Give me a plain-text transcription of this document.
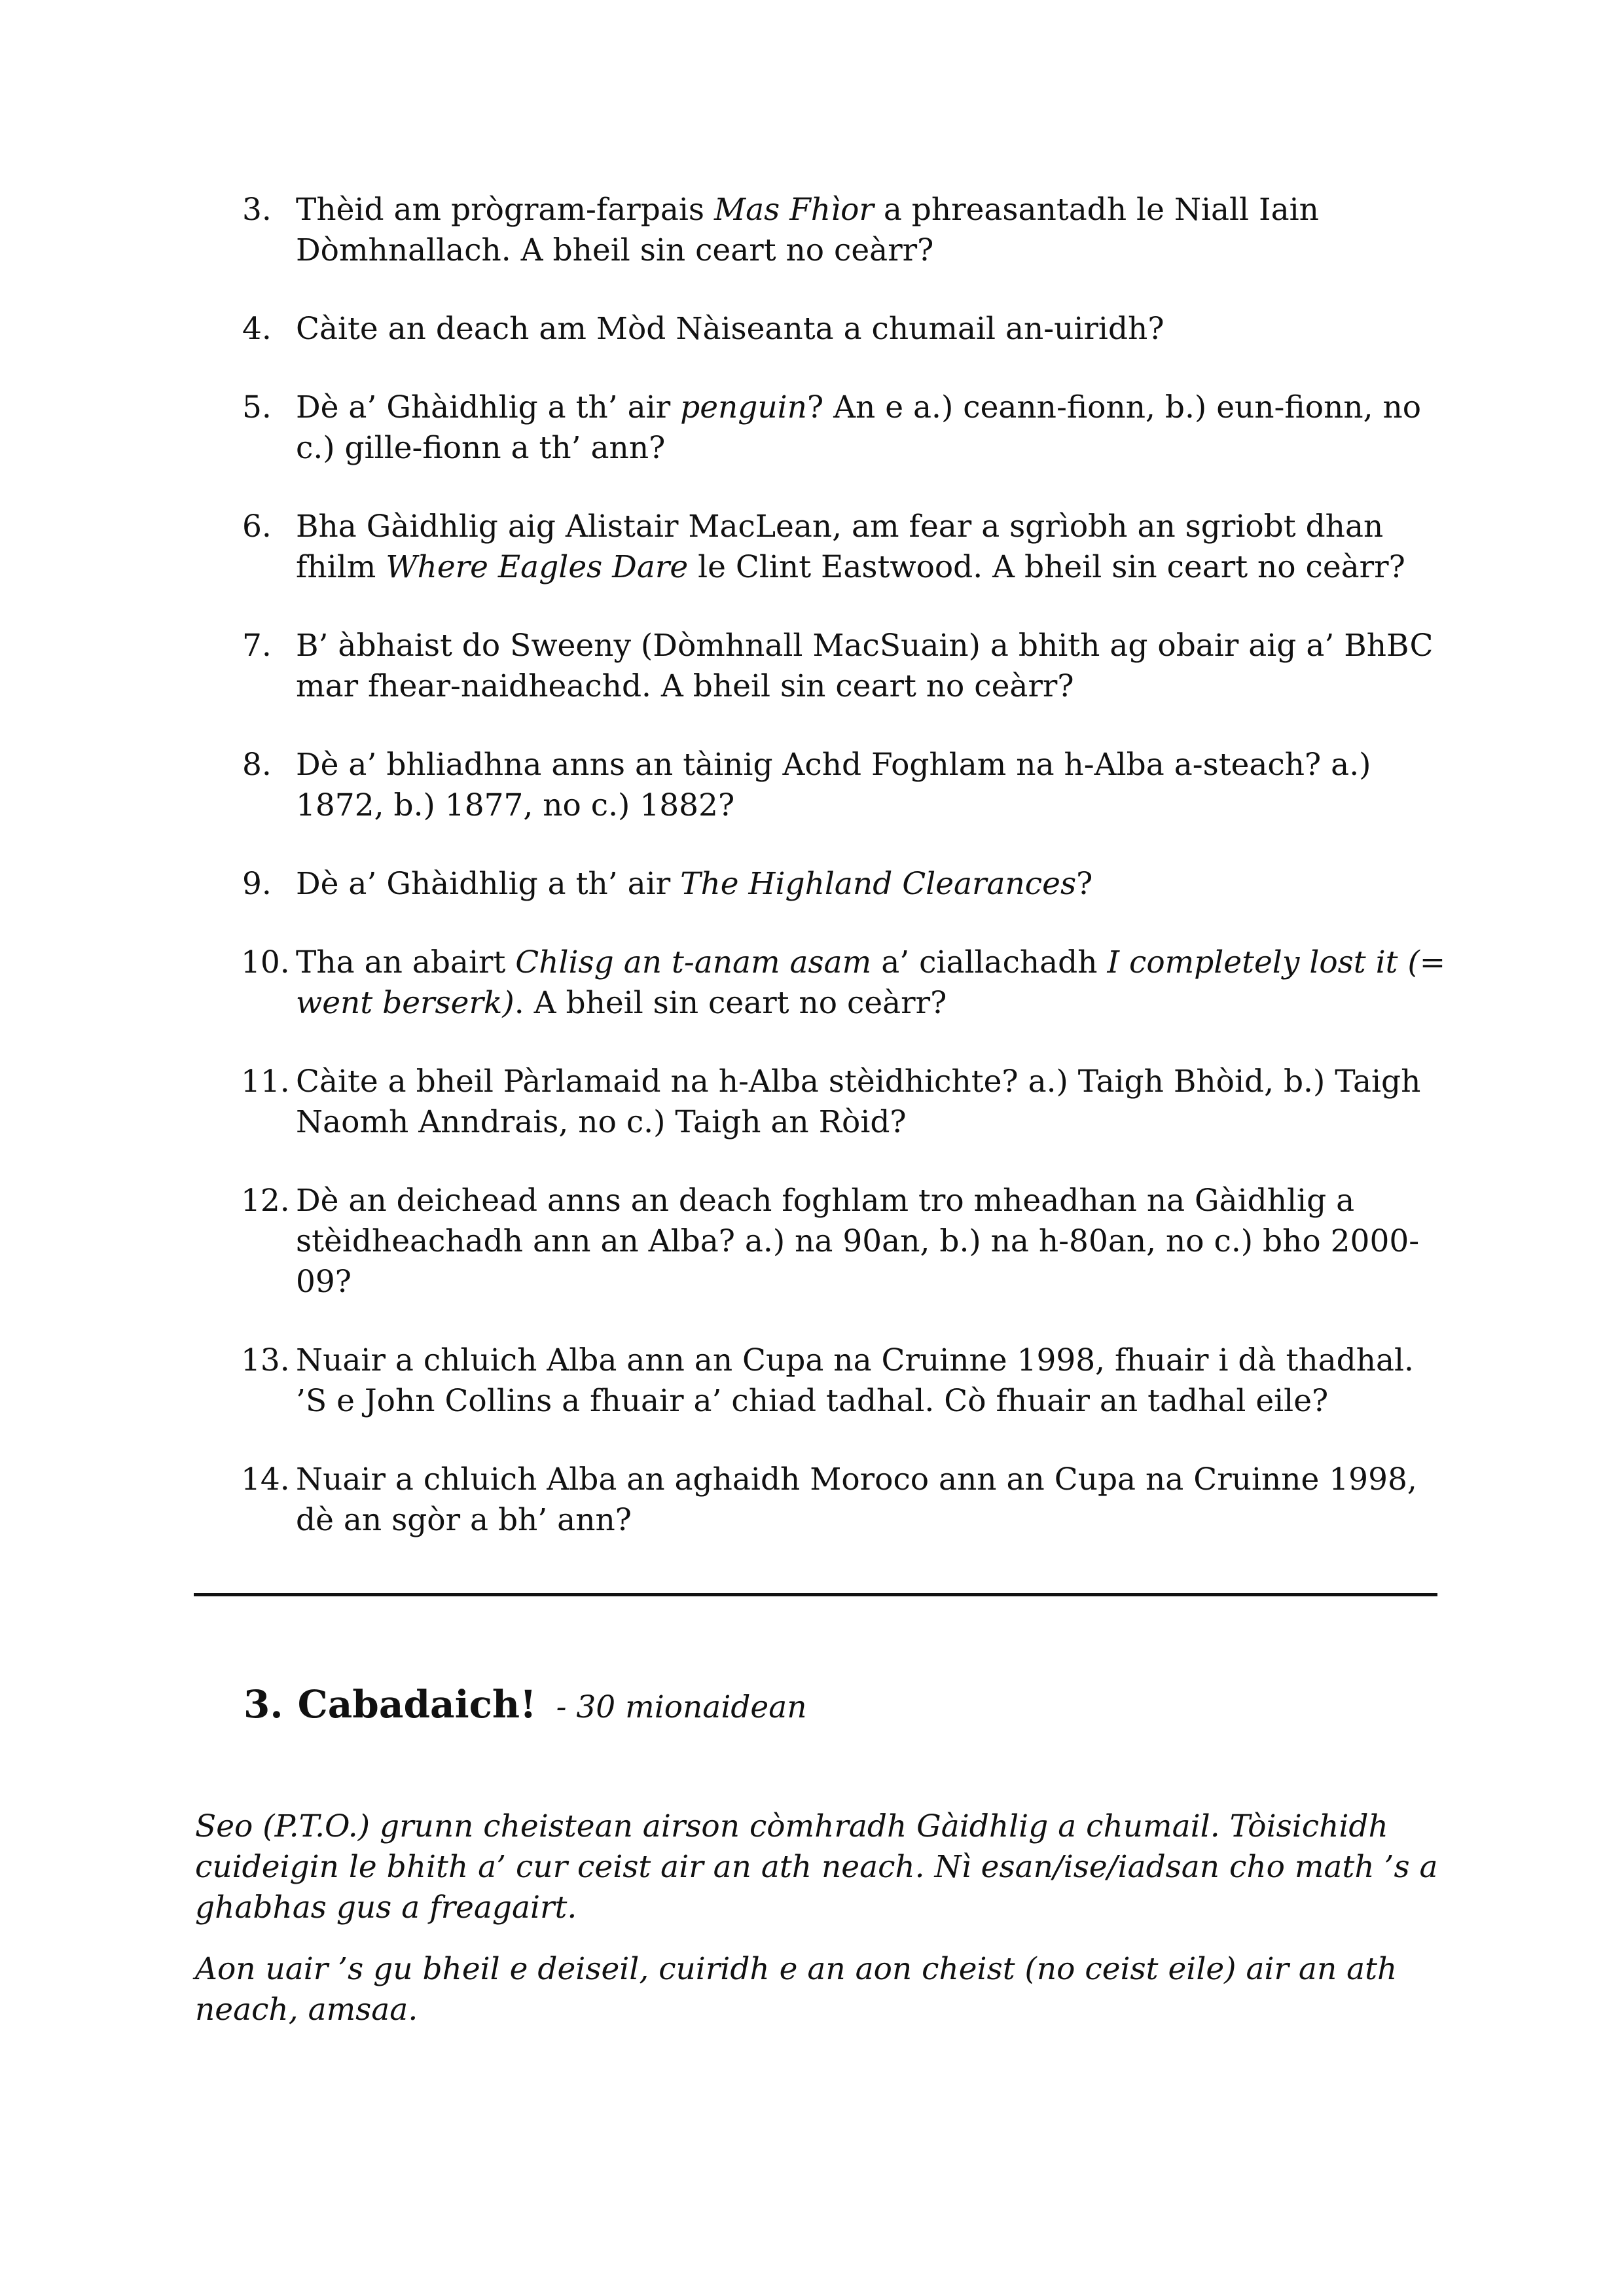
3. Thèid am prògram-farpais Mas Fhìor a phreasantadh le Niall Iain Dòmhnallach. A bheil sin ceart no ceàrr?
4. Càite an deach am Mòd Nàiseanta a chumail an-uiridh?
5. Dè a’ Ghàidhlig a th’ air penguin? An e a.) ceann-fionn, b.) eun-fionn, no c.) gille-fionn a th’ ann?
6. Bha Gàidhlig aig Alistair MacLean, am fear a sgrìobh an sgriobt dhan fhilm Where Eagles Dare le Clint Eastwood. A bheil sin ceart no ceàrr?
7. B’ àbhaist do Sweeny (Dòmhnall MacSuain) a bhith ag obair aig a’ BhBC mar fhear-naidheachd. A bheil sin ceart no ceàrr?
8. Dè a’ bhliadhna anns an tàinig Achd Foghlam na h-Alba a-steach? a.) 1872, b.) 1877, no c.) 1882?
9. Dè a’ Ghàidhlig a th’ air The Highland Clearances?
10. Tha an abairt Chlisg an t-anam asam a’ ciallachadh I completely lost it (= went berserk). A bheil sin ceart no ceàrr?
11. Càite a bheil Pàrlamaid na h-Alba stèidhichte? a.) Taigh Bhòid, b.) Taigh Naomh Anndrais, no c.) Taigh an Ròid?
12. Dè an deichead anns an deach foghlam tro mheadhan na Gàidhlig a stèidheachadh ann an Alba? a.) na 90an, b.) na h-80an, no c.) bho 2000-09?
13. Nuair a chluich Alba ann an Cupa na Cruinne 1998, fhuair i dà thadhal. ’S e John Collins a fhuair a’ chiad tadhal. Cò fhuair an tadhal eile?
14. Nuair a chluich Alba an aghaidh Moroco ann an Cupa na Cruinne 1998, dè an sgòr a bh’ ann?
3. Cabadaich! - 30 mionaidean

Seo (P.T.O.) grunn cheistean airson còmhradh Gàidhlig a chumail. Tòisichidh cuideigin le bhith a’ cur ceist air an ath neach. Nì esan/ise/iadsan cho math ’s a ghabhas gus a freagairt.

Aon uair ’s gu bheil e deiseil, cuiridh e an aon cheist (no ceist eile) air an ath neach, amsaa.
